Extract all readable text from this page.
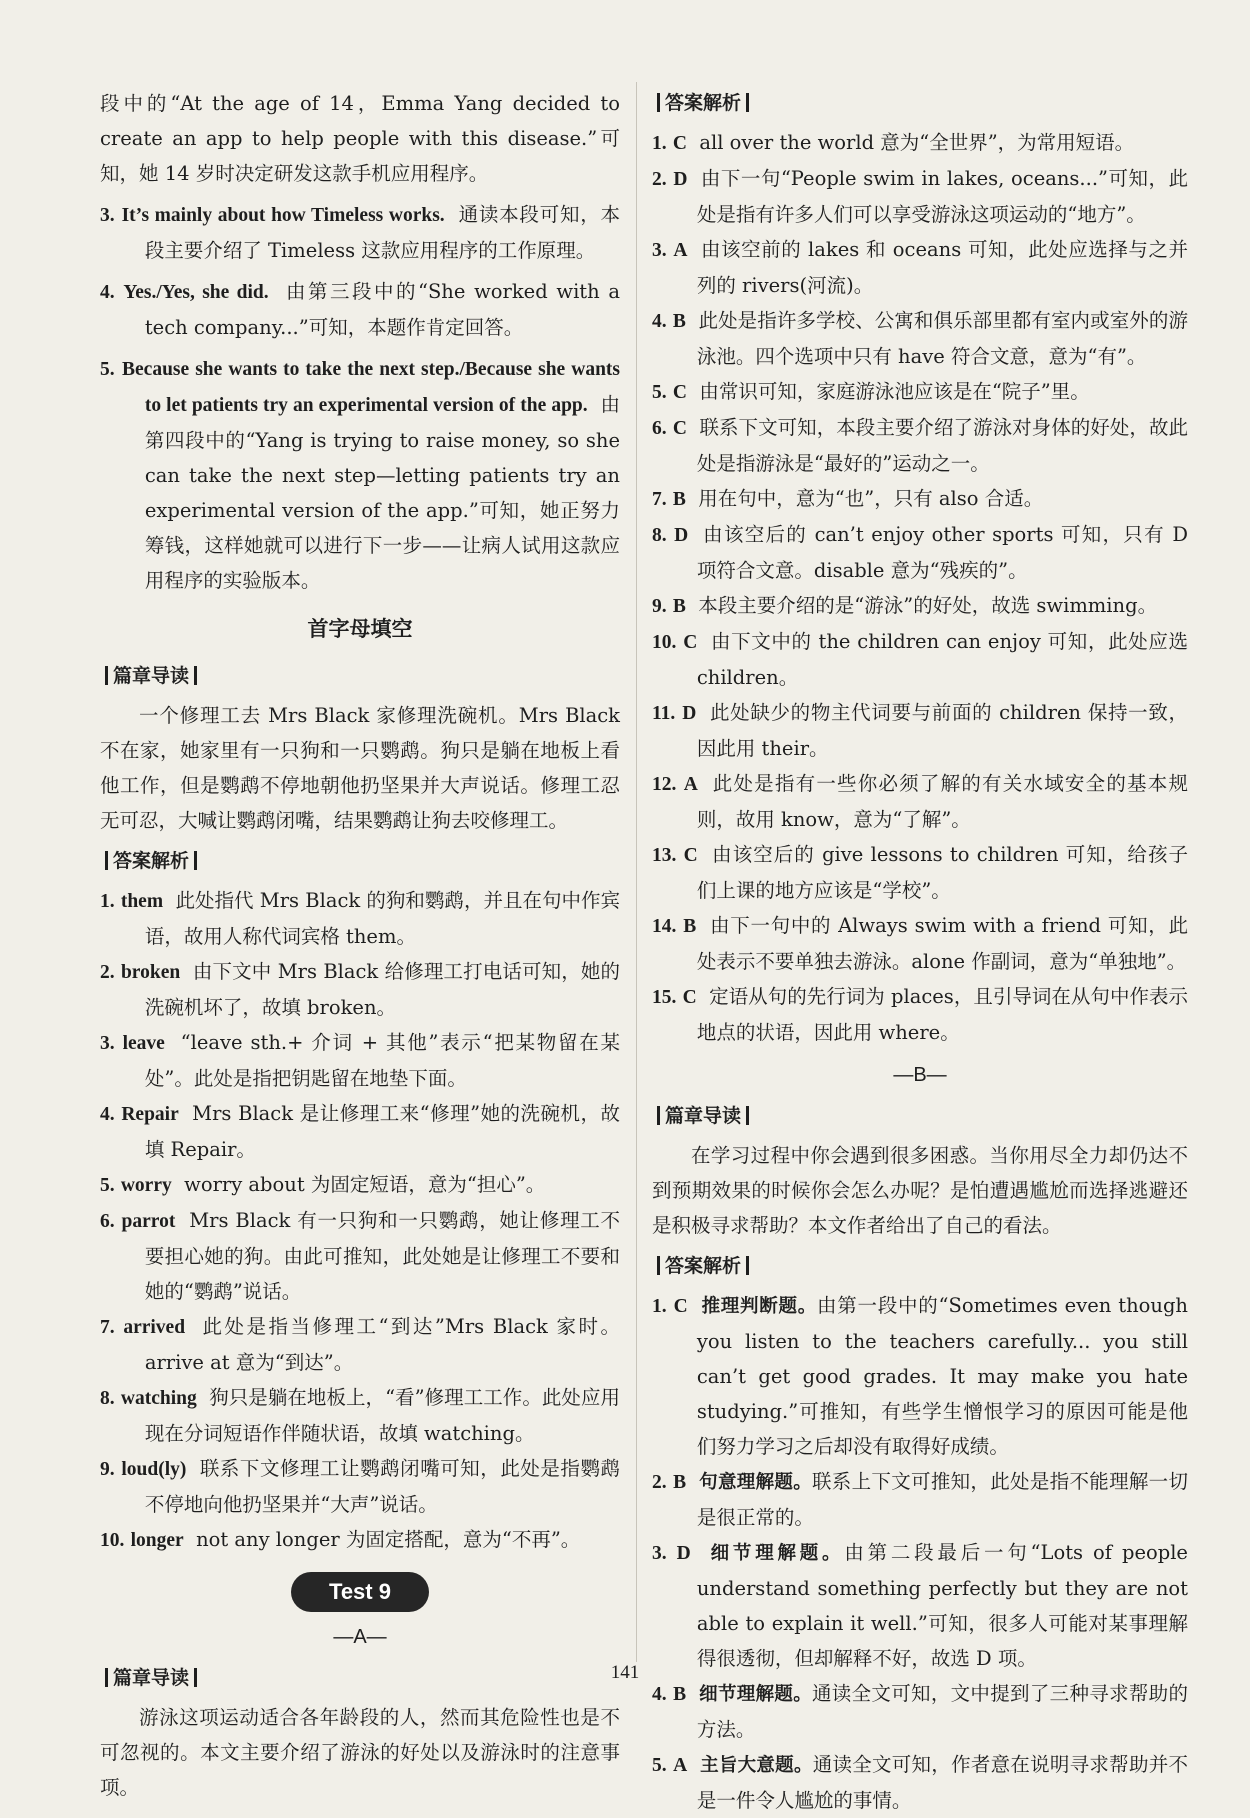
段中的“At the age of 14，Emma Yang decided to create an app to help people with this disease.”可知，她 14 岁时决定研发这款手机应用程序。

3. It’s mainly about how Timeless works. 通读本段可知，本段主要介绍了 Timeless 这款应用程序的工作原理。

4. Yes./Yes, she did. 由第三段中的“She worked with a tech company...”可知，本题作肯定回答。

5. Because she wants to take the next step./Because she wants to let patients try an experimental version of the app. 由第四段中的“Yang is trying to raise money, so she can take the next step—letting patients try an experimental version of the app.”可知，她正努力筹钱，这样她就可以进行下一步——让病人试用这款应用程序的实验版本。

首字母填空
篇章导读

一个修理工去 Mrs Black 家修理洗碗机。Mrs Black 不在家，她家里有一只狗和一只鹦鹉。狗只是躺在地板上看他工作，但是鹦鹉不停地朝他扔坚果并大声说话。修理工忍无可忍，大喊让鹦鹉闭嘴，结果鹦鹉让狗去咬修理工。

答案解析

1. them 此处指代 Mrs Black 的狗和鹦鹉，并且在句中作宾语，故用人称代词宾格 them。

2. broken 由下文中 Mrs Black 给修理工打电话可知，她的洗碗机坏了，故填 broken。

3. leave “leave sth.+ 介词 + 其他”表示“把某物留在某处”。此处是指把钥匙留在地垫下面。

4. Repair Mrs Black 是让修理工来“修理”她的洗碗机，故填 Repair。

5. worry worry about 为固定短语，意为“担心”。

6. parrot Mrs Black 有一只狗和一只鹦鹉，她让修理工不要担心她的狗。由此可推知，此处她是让修理工不要和她的“鹦鹉”说话。

7. arrived 此处是指当修理工“到达”Mrs Black 家时。arrive at 意为“到达”。

8. watching 狗只是躺在地板上，“看”修理工工作。此处应用现在分词短语作伴随状语，故填 watching。

9. loud(ly) 联系下文修理工让鹦鹉闭嘴可知，此处是指鹦鹉不停地向他扔坚果并“大声”说话。

10. longer not any longer 为固定搭配，意为“不再”。

Test 9
—A—
篇章导读

游泳这项运动适合各年龄段的人，然而其危险性也是不可忽视的。本文主要介绍了游泳的好处以及游泳时的注意事项。

答案解析

1. C all over the world 意为“全世界”，为常用短语。

2. D 由下一句“People swim in lakes, oceans...”可知，此处是指有许多人们可以享受游泳这项运动的“地方”。

3. A 由该空前的 lakes 和 oceans 可知，此处应选择与之并列的 rivers(河流)。

4. B 此处是指许多学校、公寓和俱乐部里都有室内或室外的游泳池。四个选项中只有 have 符合文意，意为“有”。

5. C 由常识可知，家庭游泳池应该是在“院子”里。

6. C 联系下文可知，本段主要介绍了游泳对身体的好处，故此处是指游泳是“最好的”运动之一。

7. B 用在句中，意为“也”，只有 also 合适。

8. D 由该空后的 can’t enjoy other sports 可知，只有 D 项符合文意。disable 意为“残疾的”。

9. B 本段主要介绍的是“游泳”的好处，故选 swimming。

10. C 由下文中的 the children can enjoy 可知，此处应选 children。

11. D 此处缺少的物主代词要与前面的 children 保持一致，因此用 their。

12. A 此处是指有一些你必须了解的有关水域安全的基本规则，故用 know，意为“了解”。

13. C 由该空后的 give lessons to children 可知，给孩子们上课的地方应该是“学校”。

14. B 由下一句中的 Always swim with a friend 可知，此处表示不要单独去游泳。alone 作副词，意为“单独地”。

15. C 定语从句的先行词为 places，且引导词在从句中作表示地点的状语，因此用 where。

—B—
篇章导读

在学习过程中你会遇到很多困惑。当你用尽全力却仍达不到预期效果的时候你会怎么办呢？是怕遭遇尴尬而选择逃避还是积极寻求帮助？本文作者给出了自己的看法。

答案解析

1. C 推理判断题。由第一段中的“Sometimes even though you listen to the teachers carefully... you still can’t get good grades. It may make you hate studying.”可推知，有些学生憎恨学习的原因可能是他们努力学习之后却没有取得好成绩。

2. B 句意理解题。联系上下文可推知，此处是指不能理解一切是很正常的。

3. D 细节理解题。由第二段最后一句“Lots of people understand something perfectly but they are not able to explain it well.”可知，很多人可能对某事理解得很透彻，但却解释不好，故选 D 项。

4. B 细节理解题。通读全文可知，文中提到了三种寻求帮助的方法。

5. A 主旨大意题。通读全文可知，作者意在说明寻求帮助并不是一件令人尴尬的事情。

141
